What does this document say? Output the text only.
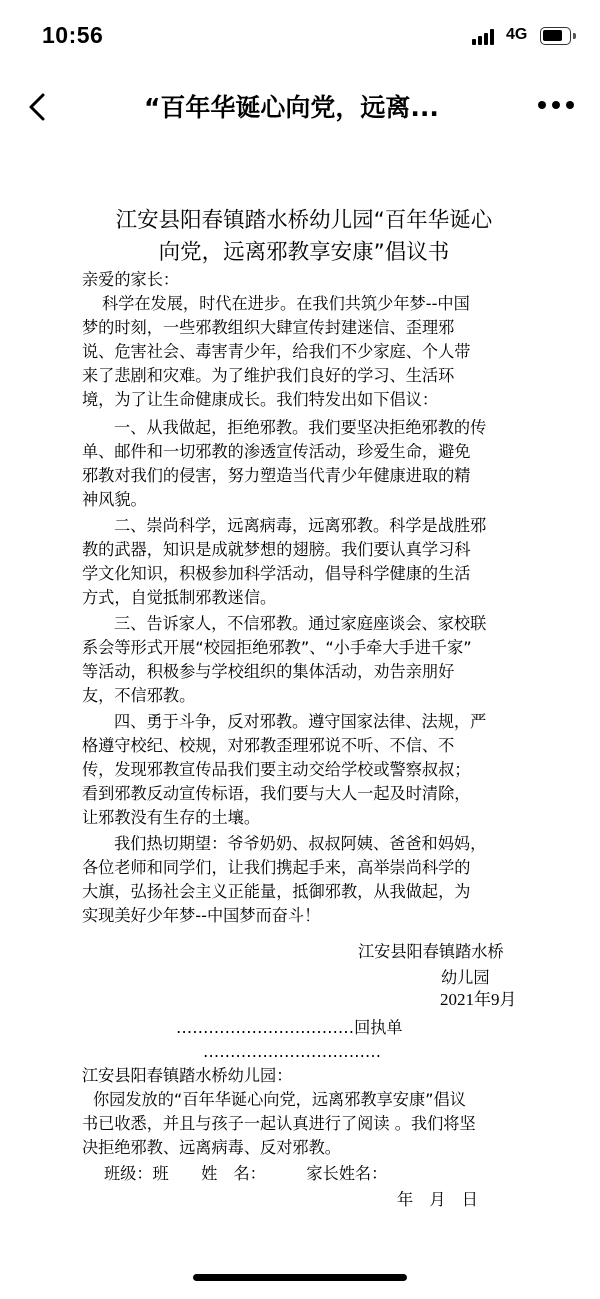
10:56	4G
“百年华诞心向党，远离...
江安县阳春镇踏水桥幼儿园“百年华诞心
向党，远离邪教享安康”倡议书
亲爱的家长：
科学在发展，时代在进步。在我们共筑少年梦--中国
梦的时刻，一些邪教组织大肆宣传封建迷信、歪理邪
说、危害社会、毒害青少年，给我们不少家庭、个人带
来了悲剧和灾难。为了维护我们良好的学习、生活环
境，为了让生命健康成长。我们特发出如下倡议：
一、从我做起，拒绝邪教。我们要坚决拒绝邪教的传
单、邮件和一切邪教的渗透宣传活动，珍爱生命，避免
邪教对我们的侵害，努力塑造当代青少年健康进取的精
神风貌。
二、崇尚科学，远离病毒，远离邪教。科学是战胜邪
教的武器，知识是成就梦想的翅膀。我们要认真学习科
学文化知识，积极参加科学活动，倡导科学健康的生活
方式，自觉抵制邪教迷信。
三、告诉家人，不信邪教。通过家庭座谈会、家校联
系会等形式开展“校园拒绝邪教”、“小手牵大手进千家”
等活动，积极参与学校组织的集体活动，劝告亲朋好
友，不信邪教。
四、勇于斗争，反对邪教。遵守国家法律、法规，严
格遵守校纪、校规，对邪教歪理邪说不听、不信、不
传，发现邪教宣传品我们要主动交给学校或警察叔叔；
看到邪教反动宣传标语，我们要与大人一起及时清除，
让邪教没有生存的土壤。
我们热切期望：爷爷奶奶、叔叔阿姨、爸爸和妈妈，
各位老师和同学们，让我们携起手来，高举崇尚科学的
大旗，弘扬社会主义正能量，抵御邪教，从我做起，为
实现美好少年梦--中国梦而奋斗！
江安县阳春镇踏水桥
幼儿园
2021年9月
……………………………回执单
……………………………
江安县阳春镇踏水桥幼儿园：
你园发放的“百年华诞心向党，远离邪教享安康”倡议
书已收悉，并且与孩子一起认真进行了阅读 。我们将坚
决拒绝邪教、远离病毒、反对邪教。
班级：班　　姓　名：　　　家长姓名：
年　月　日
